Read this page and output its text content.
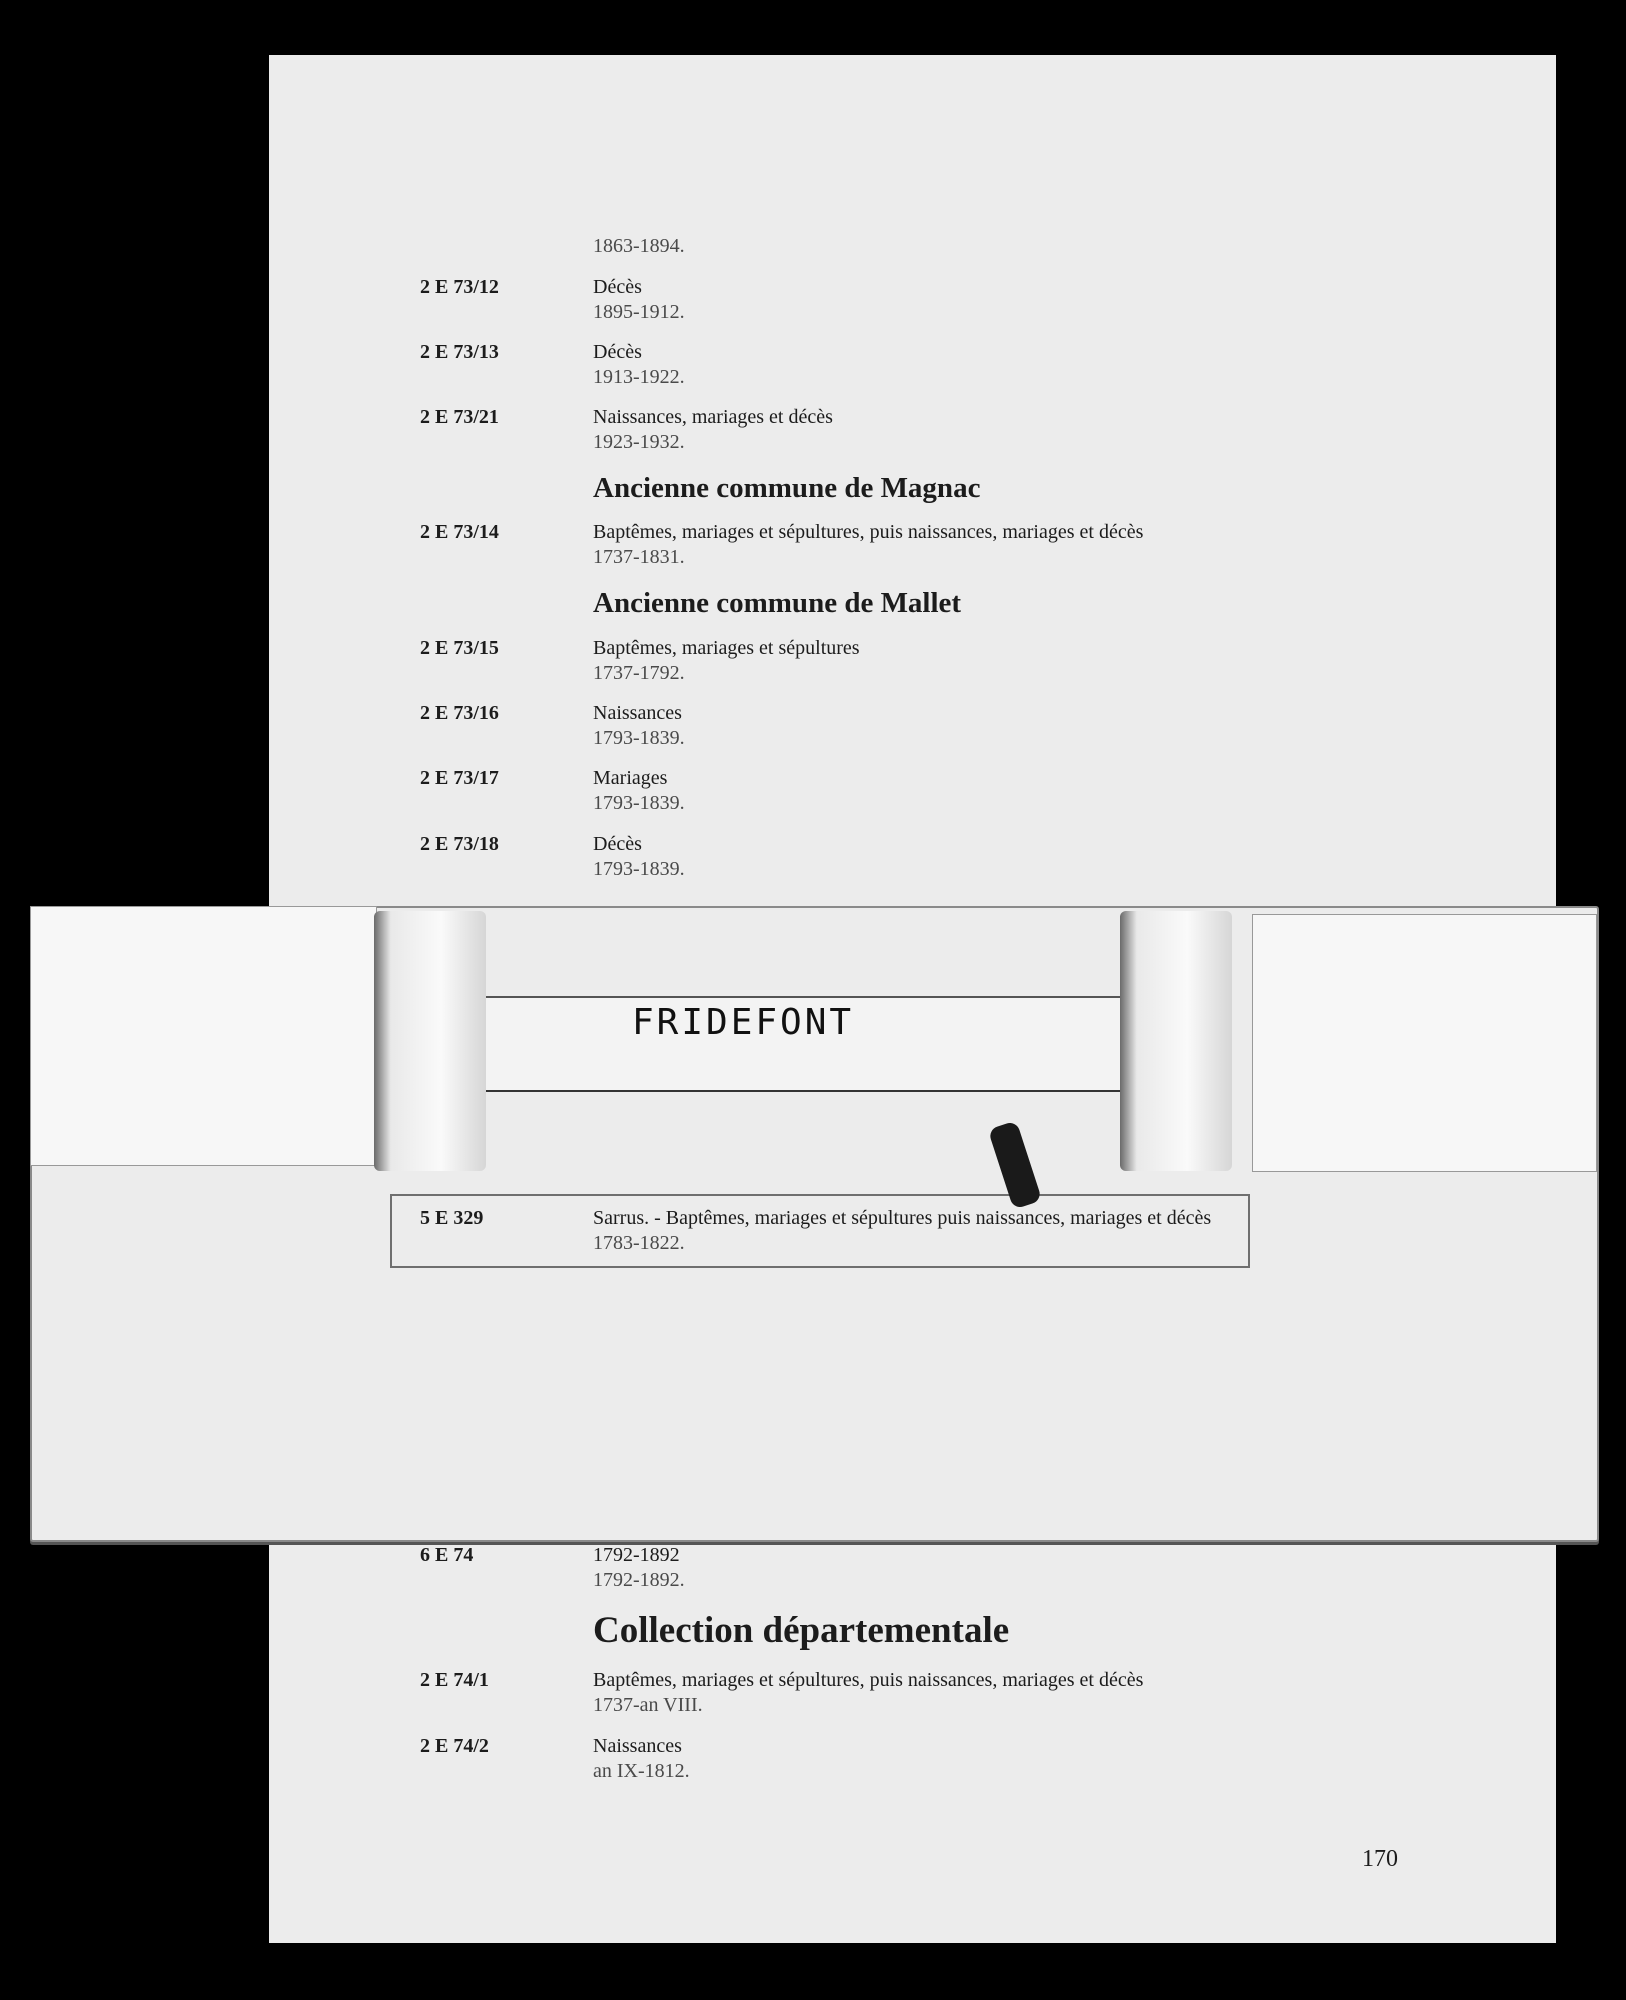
1863-1894.
2 E 73/12	Décès
1895-1912.
2 E 73/13	Décès
1913-1922.
2 E 73/21	Naissances, mariages et décès
1923-1932.
Ancienne commune de Magnac
2 E 73/14	Baptêmes, mariages et sépultures, puis naissances, mariages et décès
1737-1831.
Ancienne commune de Mallet
2 E 73/15	Baptêmes, mariages et sépultures
1737-1792.
2 E 73/16	Naissances
1793-1839.
2 E 73/17	Mariages
1793-1839.
2 E 73/18	Décès
1793-1839.
FRIDEFONT
5 E 329	Sarrus. - Baptêmes, mariages et sépultures puis naissances, mariages et décès
1783-1822.
6 E 74	1792-1892
1792-1892.
Collection départementale
2 E 74/1	Baptêmes, mariages et sépultures, puis naissances, mariages et décès
1737-an VIII.
2 E 74/2	Naissances
an IX-1812.
170
